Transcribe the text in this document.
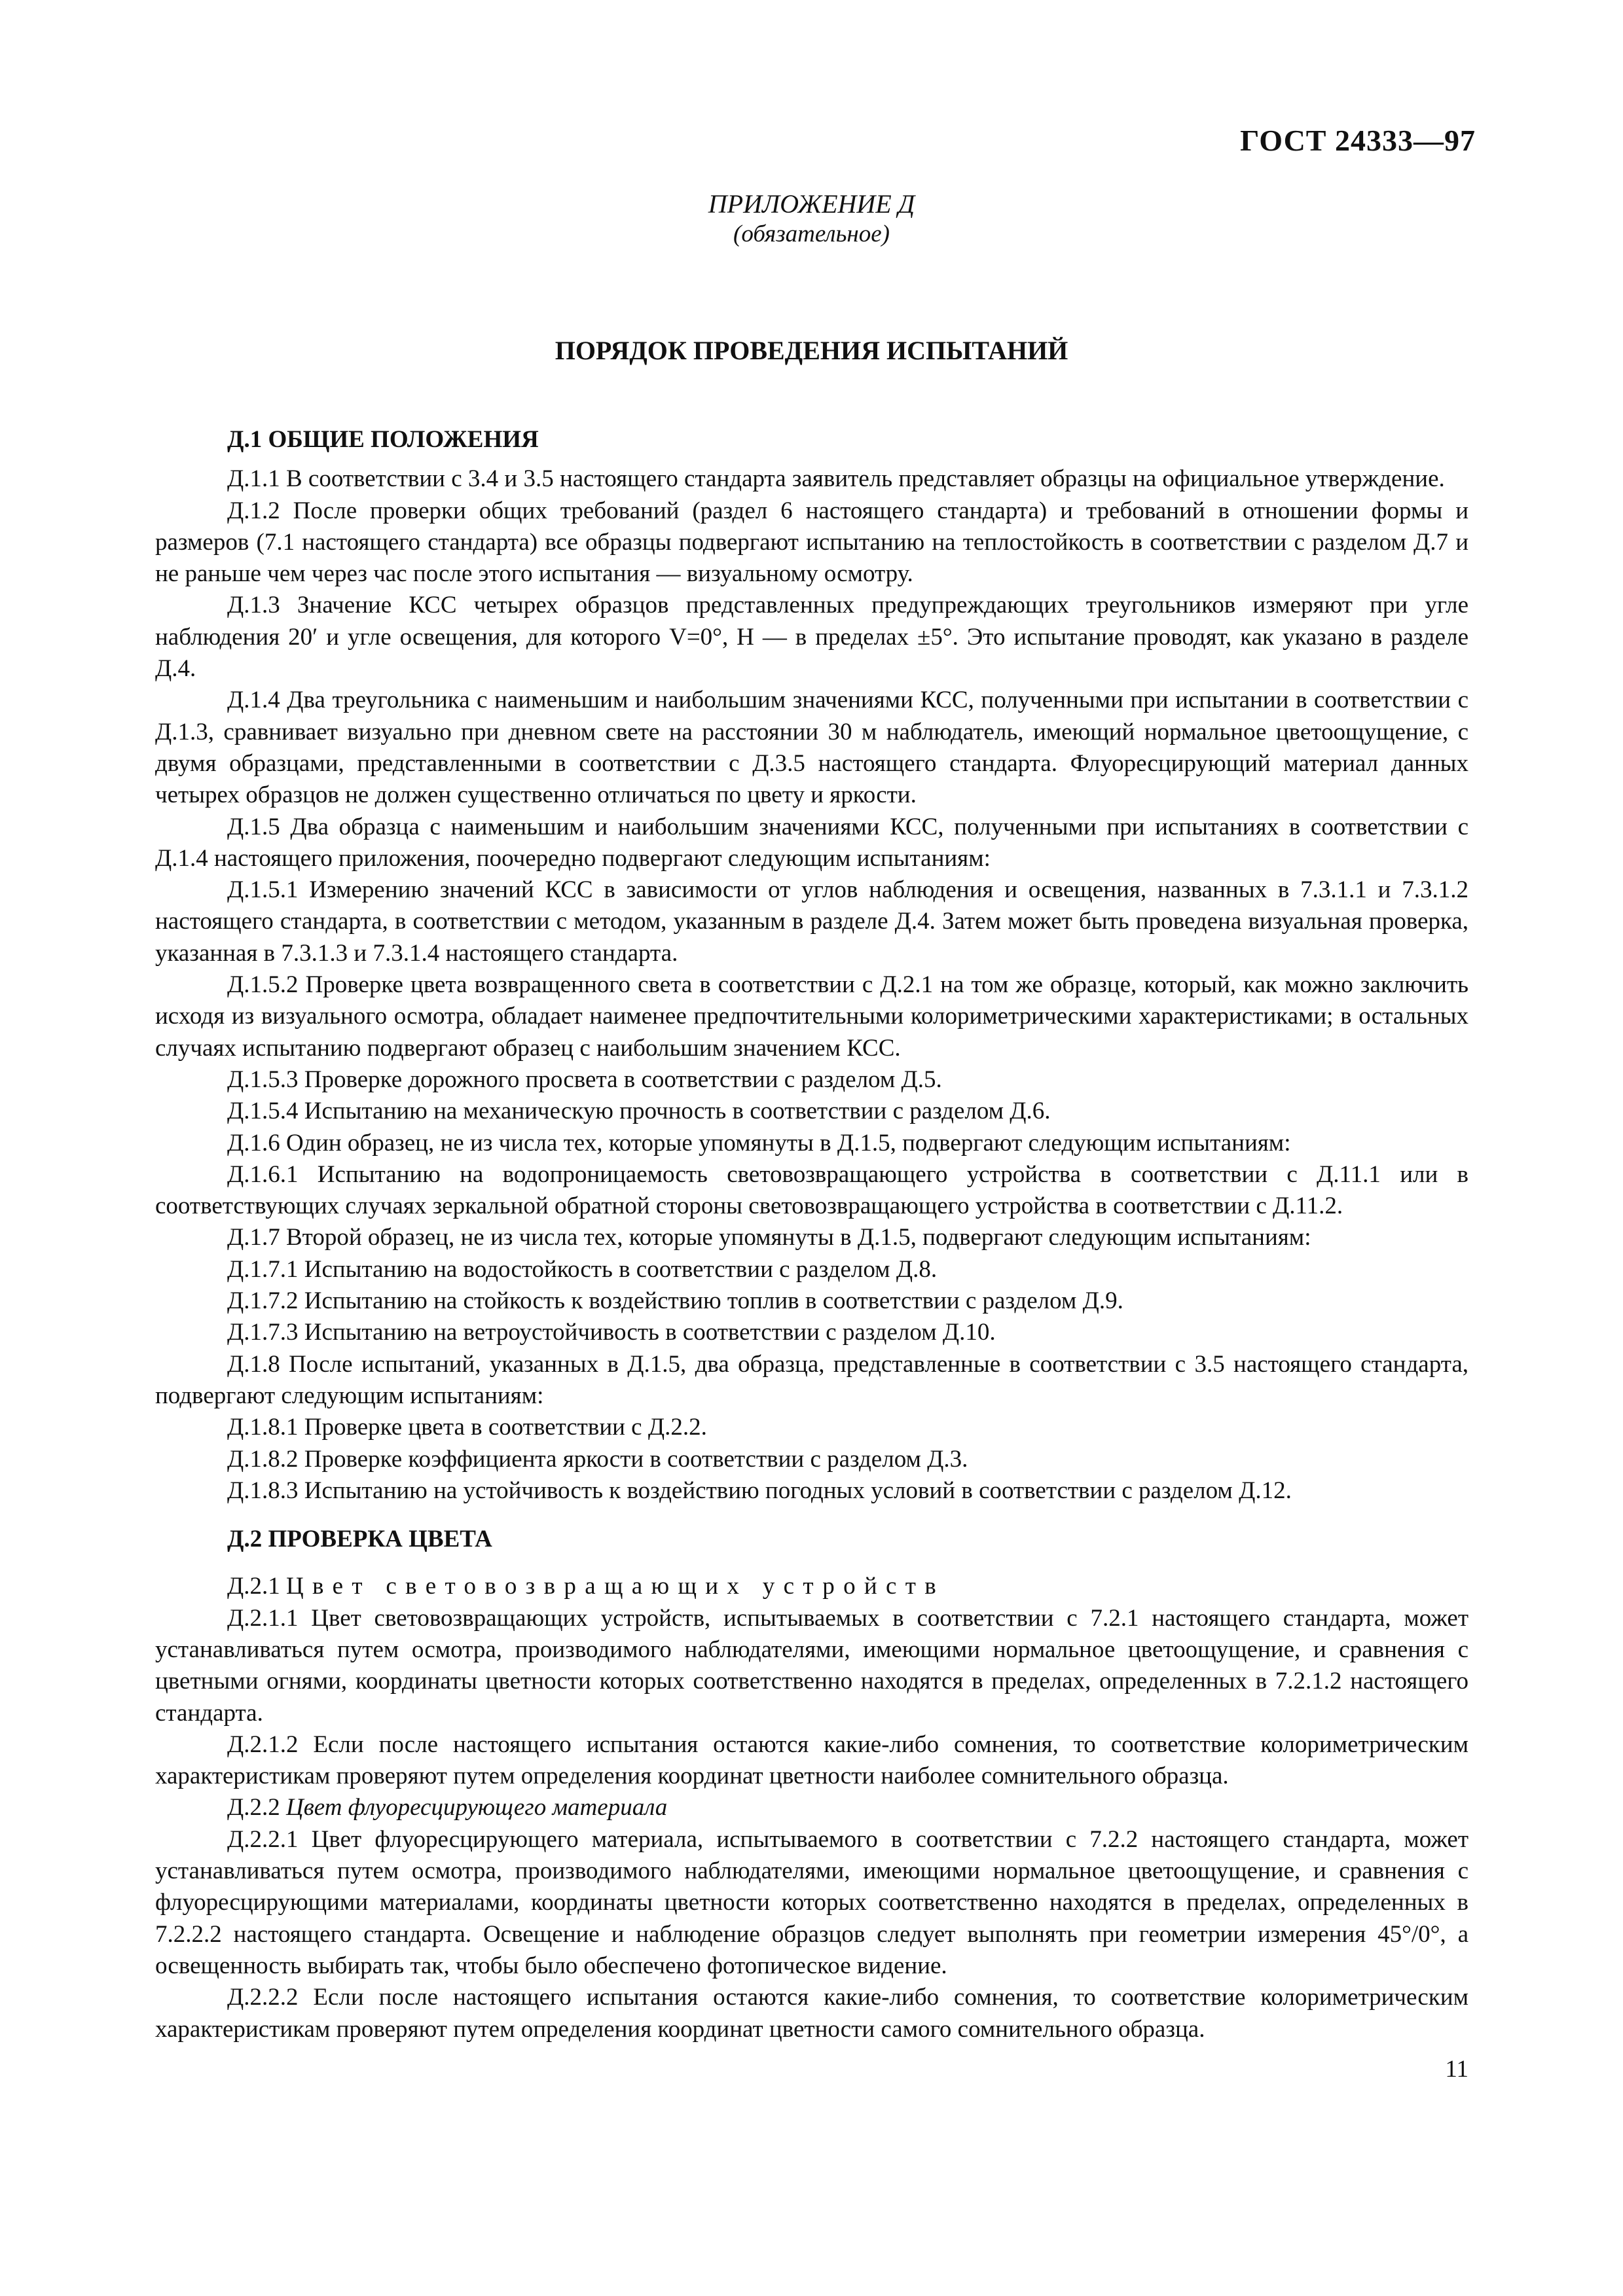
ГОСТ 24333—97
ПРИЛОЖЕНИЕ Д
(обязательное)
ПОРЯДОК ПРОВЕДЕНИЯ ИСПЫТАНИЙ
Д.1 ОБЩИЕ ПОЛОЖЕНИЯ

Д.1.1 В соответствии с 3.4 и 3.5 настоящего стандарта заявитель представляет образцы на официальное утверждение.

Д.1.2 После проверки общих требований (раздел 6 настоящего стандарта) и требований в отношении формы и размеров (7.1 настоящего стандарта) все образцы подвергают испытанию на теплостойкость в соответствии с разделом Д.7 и не раньше чем через час после этого испытания — визуальному осмотру.

Д.1.3 Значение КСС четырех образцов представленных предупреждающих треугольников измеряют при угле наблюдения 20′ и угле освещения, для которого V=0°, H — в пределах ±5°. Это испытание проводят, как указано в разделе Д.4.

Д.1.4 Два треугольника с наименьшим и наибольшим значениями КСС, полученными при испытании в соответствии с Д.1.3, сравнивает визуально при дневном свете на расстоянии 30 м наблюдатель, имеющий нормальное цветоощущение, с двумя образцами, представленными в соответствии с Д.3.5 настоящего стандарта. Флуоресцирующий материал данных четырех образцов не должен существенно отличаться по цвету и яркости.

Д.1.5 Два образца с наименьшим и наибольшим значениями КСС, полученными при испытаниях в соответствии с Д.1.4 настоящего приложения, поочередно подвергают следующим испытаниям:

Д.1.5.1 Измерению значений КСС в зависимости от углов наблюдения и освещения, названных в 7.3.1.1 и 7.3.1.2 настоящего стандарта, в соответствии с методом, указанным в разделе Д.4. Затем может быть проведена визуальная проверка, указанная в 7.3.1.3 и 7.3.1.4 настоящего стандарта.

Д.1.5.2 Проверке цвета возвращенного света в соответствии с Д.2.1 на том же образце, который, как можно заключить исходя из визуального осмотра, обладает наименее предпочтительными колориметрическими характеристиками; в остальных случаях испытанию подвергают образец с наибольшим значением КСС.

Д.1.5.3 Проверке дорожного просвета в соответствии с разделом Д.5.

Д.1.5.4 Испытанию на механическую прочность в соответствии с разделом Д.6.

Д.1.6 Один образец, не из числа тех, которые упомянуты в Д.1.5, подвергают следующим испытаниям:

Д.1.6.1 Испытанию на водопроницаемость световозвращающего устройства в соответствии с Д.11.1 или в соответствующих случаях зеркальной обратной стороны световозвращающего устройства в соответствии с Д.11.2.

Д.1.7 Второй образец, не из числа тех, которые упомянуты в Д.1.5, подвергают следующим испытаниям:

Д.1.7.1 Испытанию на водостойкость в соответствии с разделом Д.8.

Д.1.7.2 Испытанию на стойкость к воздействию топлив в соответствии с разделом Д.9.

Д.1.7.3 Испытанию на ветроустойчивость в соответствии с разделом Д.10.

Д.1.8 После испытаний, указанных в Д.1.5, два образца, представленные в соответствии с 3.5 настоящего стандарта, подвергают следующим испытаниям:

Д.1.8.1 Проверке цвета в соответствии с Д.2.2.

Д.1.8.2 Проверке коэффициента яркости в соответствии с разделом Д.3.

Д.1.8.3 Испытанию на устойчивость к воздействию погодных условий в соответствии с разделом Д.12.

Д.2 ПРОВЕРКА ЦВЕТА

Д.2.1 Цвет световозвращающих устройств

Д.2.1.1 Цвет световозвращающих устройств, испытываемых в соответствии с 7.2.1 настоящего стандарта, может устанавливаться путем осмотра, производимого наблюдателями, имеющими нормальное цветоощущение, и сравнения с цветными огнями, координаты цветности которых соответственно находятся в пределах, определенных в 7.2.1.2 настоящего стандарта.

Д.2.1.2 Если после настоящего испытания остаются какие-либо сомнения, то соответствие колориметрическим характеристикам проверяют путем определения координат цветности наиболее сомнительного образца.

Д.2.2 Цвет флуоресцирующего материала

Д.2.2.1 Цвет флуоресцирующего материала, испытываемого в соответствии с 7.2.2 настоящего стандарта, может устанавливаться путем осмотра, производимого наблюдателями, имеющими нормальное цветоощущение, и сравнения с флуоресцирующими материалами, координаты цветности которых соответственно находятся в пределах, определенных в 7.2.2.2 настоящего стандарта. Освещение и наблюдение образцов следует выполнять при геометрии измерения 45°/0°, а освещенность выбирать так, чтобы было обеспечено фотопическое видение.

Д.2.2.2 Если после настоящего испытания остаются какие-либо сомнения, то соответствие колориметрическим характеристикам проверяют путем определения координат цветности самого сомнительного образца.

11
